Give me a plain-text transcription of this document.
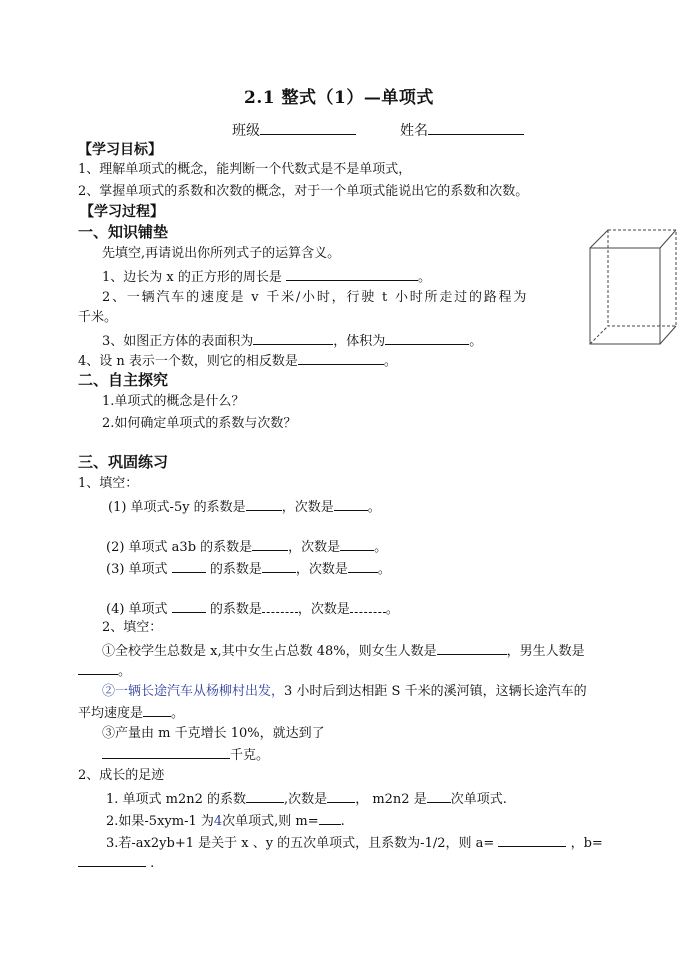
2.1 整式（1）—单项式
班级	姓名
【学习目标】
1、理解单项式的概念，能判断一个代数式是不是单项式，
2、掌握单项式的系数和次数的概念，对于一个单项式能说出它的系数和次数。
【学习过程】
一、知识铺垫
先填空,再请说出你所列式子的运算含义。
1、边长为 x 的正方形的周长是	。
2、一辆汽车的速度是 v 千米/小时，行驶 t 小时所走过的路程为
千米。
3、如图正方体的表面积为	，体积为	。
4、设 n 表示一个数，则它的相反数是	。
二、自主探究
1.单项式的概念是什么？
2.如何确定单项式的系数与次数？
三、巩固练习
1、填空：
(1) 单项式-5y 的系数是	，次数是	。
(2) 单项式 a3b 的系数是	，次数是	。
(3) 单项式	的系数是	，次数是 。
(4) 单项式	的系数是	，次数是	。
2、填空：
①全校学生总数是 x,其中女生占总数 48%，则女生人数是	，男生人数是
。
②一辆长途汽车从杨柳村出发，3 小时后到达相距 S 千米的溪河镇，这辆长途汽车的
平均速度是 。
③产量由 m 千克增长 10%，就达到了
千克。
2、成长的足迹
1. 单项式 m2n2 的系数	,次数是 ， m2n2 是 次单项式.
2.如果-5xym-1 为4次单项式,则 m= .
3.若-ax2yb+1 是关于 x 、y 的五次单项式，且系数为-1/2，则 a=	，b=
.
